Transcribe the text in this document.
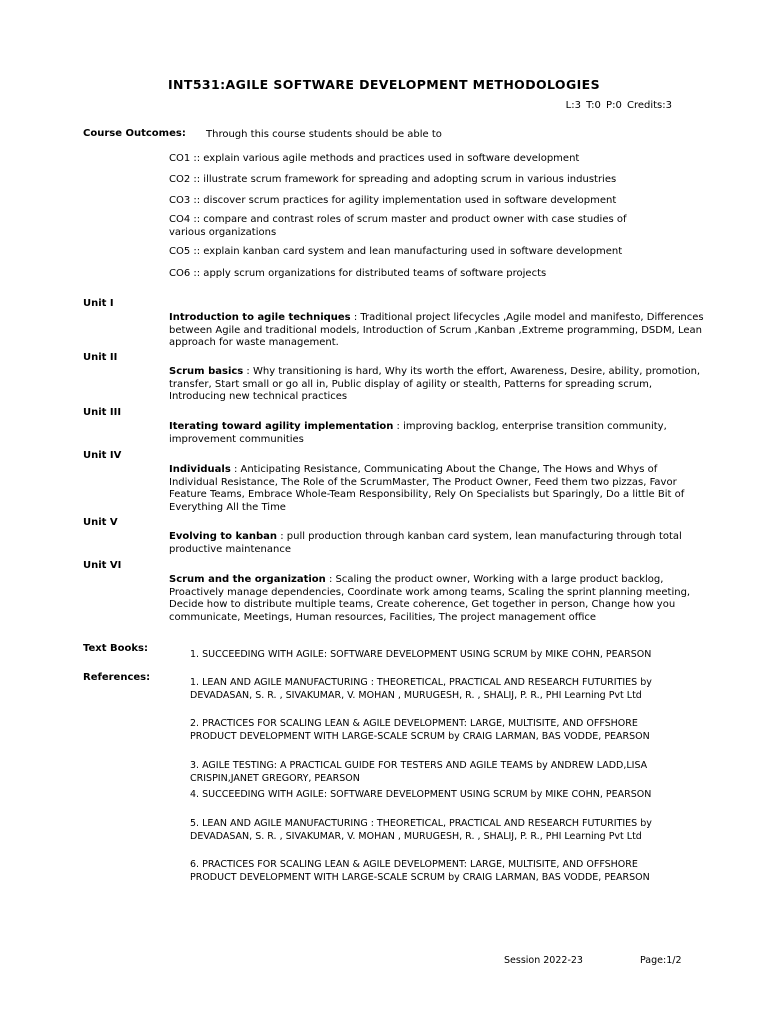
INT531:AGILE SOFTWARE DEVELOPMENT METHODOLOGIES
L:3 T:0 P:0 Credits:3
Course Outcomes: Through this course students should be able to
CO1 :: explain various agile methods and practices used in software development
CO2 :: illustrate scrum framework for spreading and adopting scrum in various industries
CO3 :: discover scrum practices for agility implementation used in software development
CO4 :: compare and contrast roles of scrum master and product owner with case studies of various organizations
CO5 :: explain kanban card system and lean manufacturing used in software development
CO6 :: apply scrum organizations for distributed teams of software projects
Unit I
Introduction to agile techniques : Traditional project lifecycles ,Agile model and manifesto, Differences between Agile and traditional models, Introduction of Scrum ,Kanban ,Extreme programming, DSDM, Lean approach for waste management.
Unit II
Scrum basics : Why transitioning is hard, Why its worth the effort, Awareness, Desire, ability, promotion, transfer, Start small or go all in, Public display of agility or stealth, Patterns for spreading scrum, Introducing new technical practices
Unit III
Iterating toward agility implementation : improving backlog, enterprise transition community, improvement communities
Unit IV
Individuals : Anticipating Resistance, Communicating About the Change, The Hows and Whys of Individual Resistance, The Role of the ScrumMaster, The Product Owner, Feed them two pizzas, Favor Feature Teams, Embrace Whole-Team Responsibility, Rely On Specialists but Sparingly, Do a little Bit of Everything All the Time
Unit V
Evolving to kanban : pull production through kanban card system, lean manufacturing through total productive maintenance
Unit VI
Scrum and the organization : Scaling the product owner, Working with a large product backlog, Proactively manage dependencies, Coordinate work among teams, Scaling the sprint planning meeting, Decide how to distribute multiple teams, Create coherence, Get together in person, Change how you communicate, Meetings, Human resources, Facilities, The project management office
Text Books:
1. SUCCEEDING WITH AGILE: SOFTWARE DEVELOPMENT USING SCRUM by MIKE COHN, PEARSON
References:	1. LEAN AND AGILE MANUFACTURING : THEORETICAL, PRACTICAL AND RESEARCH FUTURITIES by DEVADASAN, S. R. , SIVAKUMAR, V. MOHAN , MURUGESH, R. , SHALIJ, P. R., PHI Learning Pvt Ltd
2. PRACTICES FOR SCALING LEAN & AGILE DEVELOPMENT: LARGE, MULTISITE, AND OFFSHORE PRODUCT DEVELOPMENT WITH LARGE-SCALE SCRUM by CRAIG LARMAN, BAS VODDE, PEARSON
3. AGILE TESTING: A PRACTICAL GUIDE FOR TESTERS AND AGILE TEAMS by ANDREW LADD,LISA CRISPIN,JANET GREGORY, PEARSON
4. SUCCEEDING WITH AGILE: SOFTWARE DEVELOPMENT USING SCRUM by MIKE COHN, PEARSON
5. LEAN AND AGILE MANUFACTURING : THEORETICAL, PRACTICAL AND RESEARCH FUTURITIES by DEVADASAN, S. R. , SIVAKUMAR, V. MOHAN , MURUGESH, R. , SHALIJ, P. R., PHI Learning Pvt Ltd
6. PRACTICES FOR SCALING LEAN & AGILE DEVELOPMENT: LARGE, MULTISITE, AND OFFSHORE PRODUCT DEVELOPMENT WITH LARGE-SCALE SCRUM by CRAIG LARMAN, BAS VODDE, PEARSON
Session 2022-23	Page:1/2
